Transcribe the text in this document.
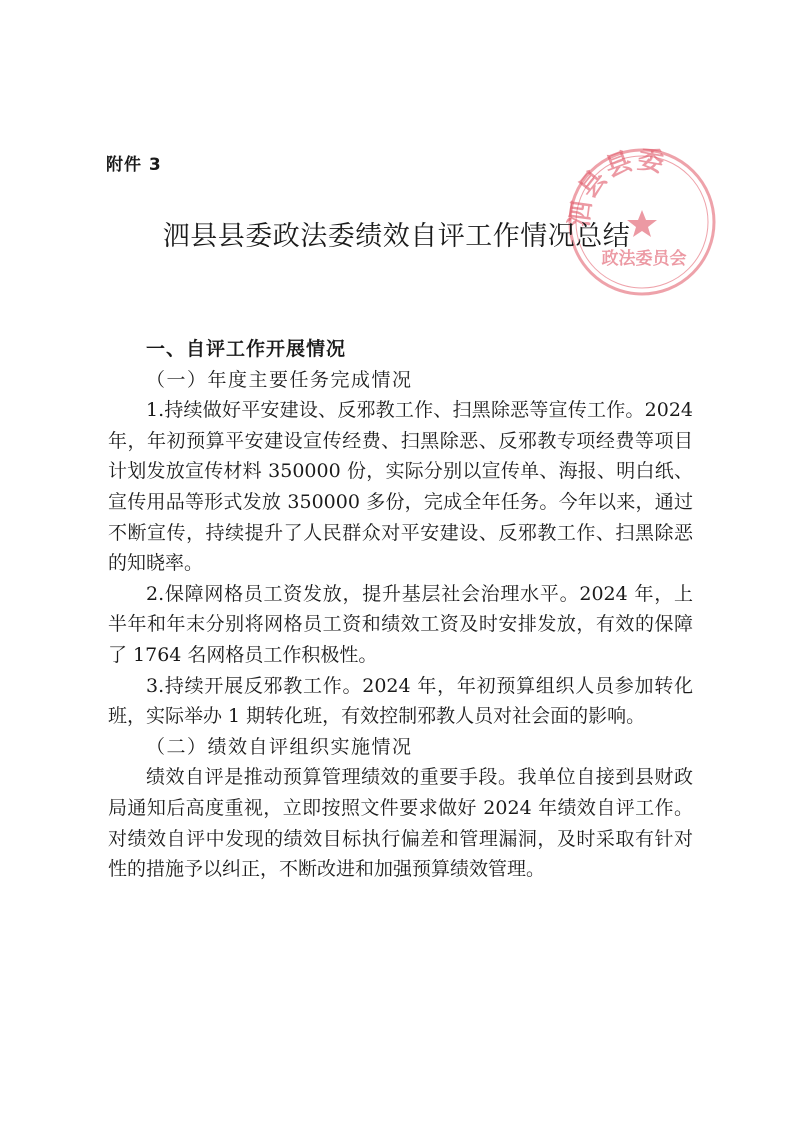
附件 3
泗县县委
政法委员会
泗县县委政法委绩效自评工作情况总结

一、自评工作开展情况

（一）年度主要任务完成情况

1.持续做好平安建设、反邪教工作、扫黑除恶等宣传工作。2024 年，年初预算平安建设宣传经费、扫黑除恶、反邪教专项经费等项目计划发放宣传材料 350000 份，实际分别以宣传单、海报、明白纸、宣传用品等形式发放 350000 多份，完成全年任务。今年以来，通过不断宣传，持续提升了人民群众对平安建设、反邪教工作、扫黑除恶的知晓率。

2.保障网格员工资发放，提升基层社会治理水平。2024 年，上半年和年末分别将网格员工资和绩效工资及时安排发放，有效的保障了 1764 名网格员工作积极性。

3.持续开展反邪教工作。2024 年，年初预算组织人员参加转化班，实际举办 1 期转化班，有效控制邪教人员对社会面的影响。

（二）绩效自评组织实施情况

绩效自评是推动预算管理绩效的重要手段。我单位自接到县财政局通知后高度重视，立即按照文件要求做好 2024 年绩效自评工作。对绩效自评中发现的绩效目标执行偏差和管理漏洞，及时采取有针对性的措施予以纠正，不断改进和加强预算绩效管理。
